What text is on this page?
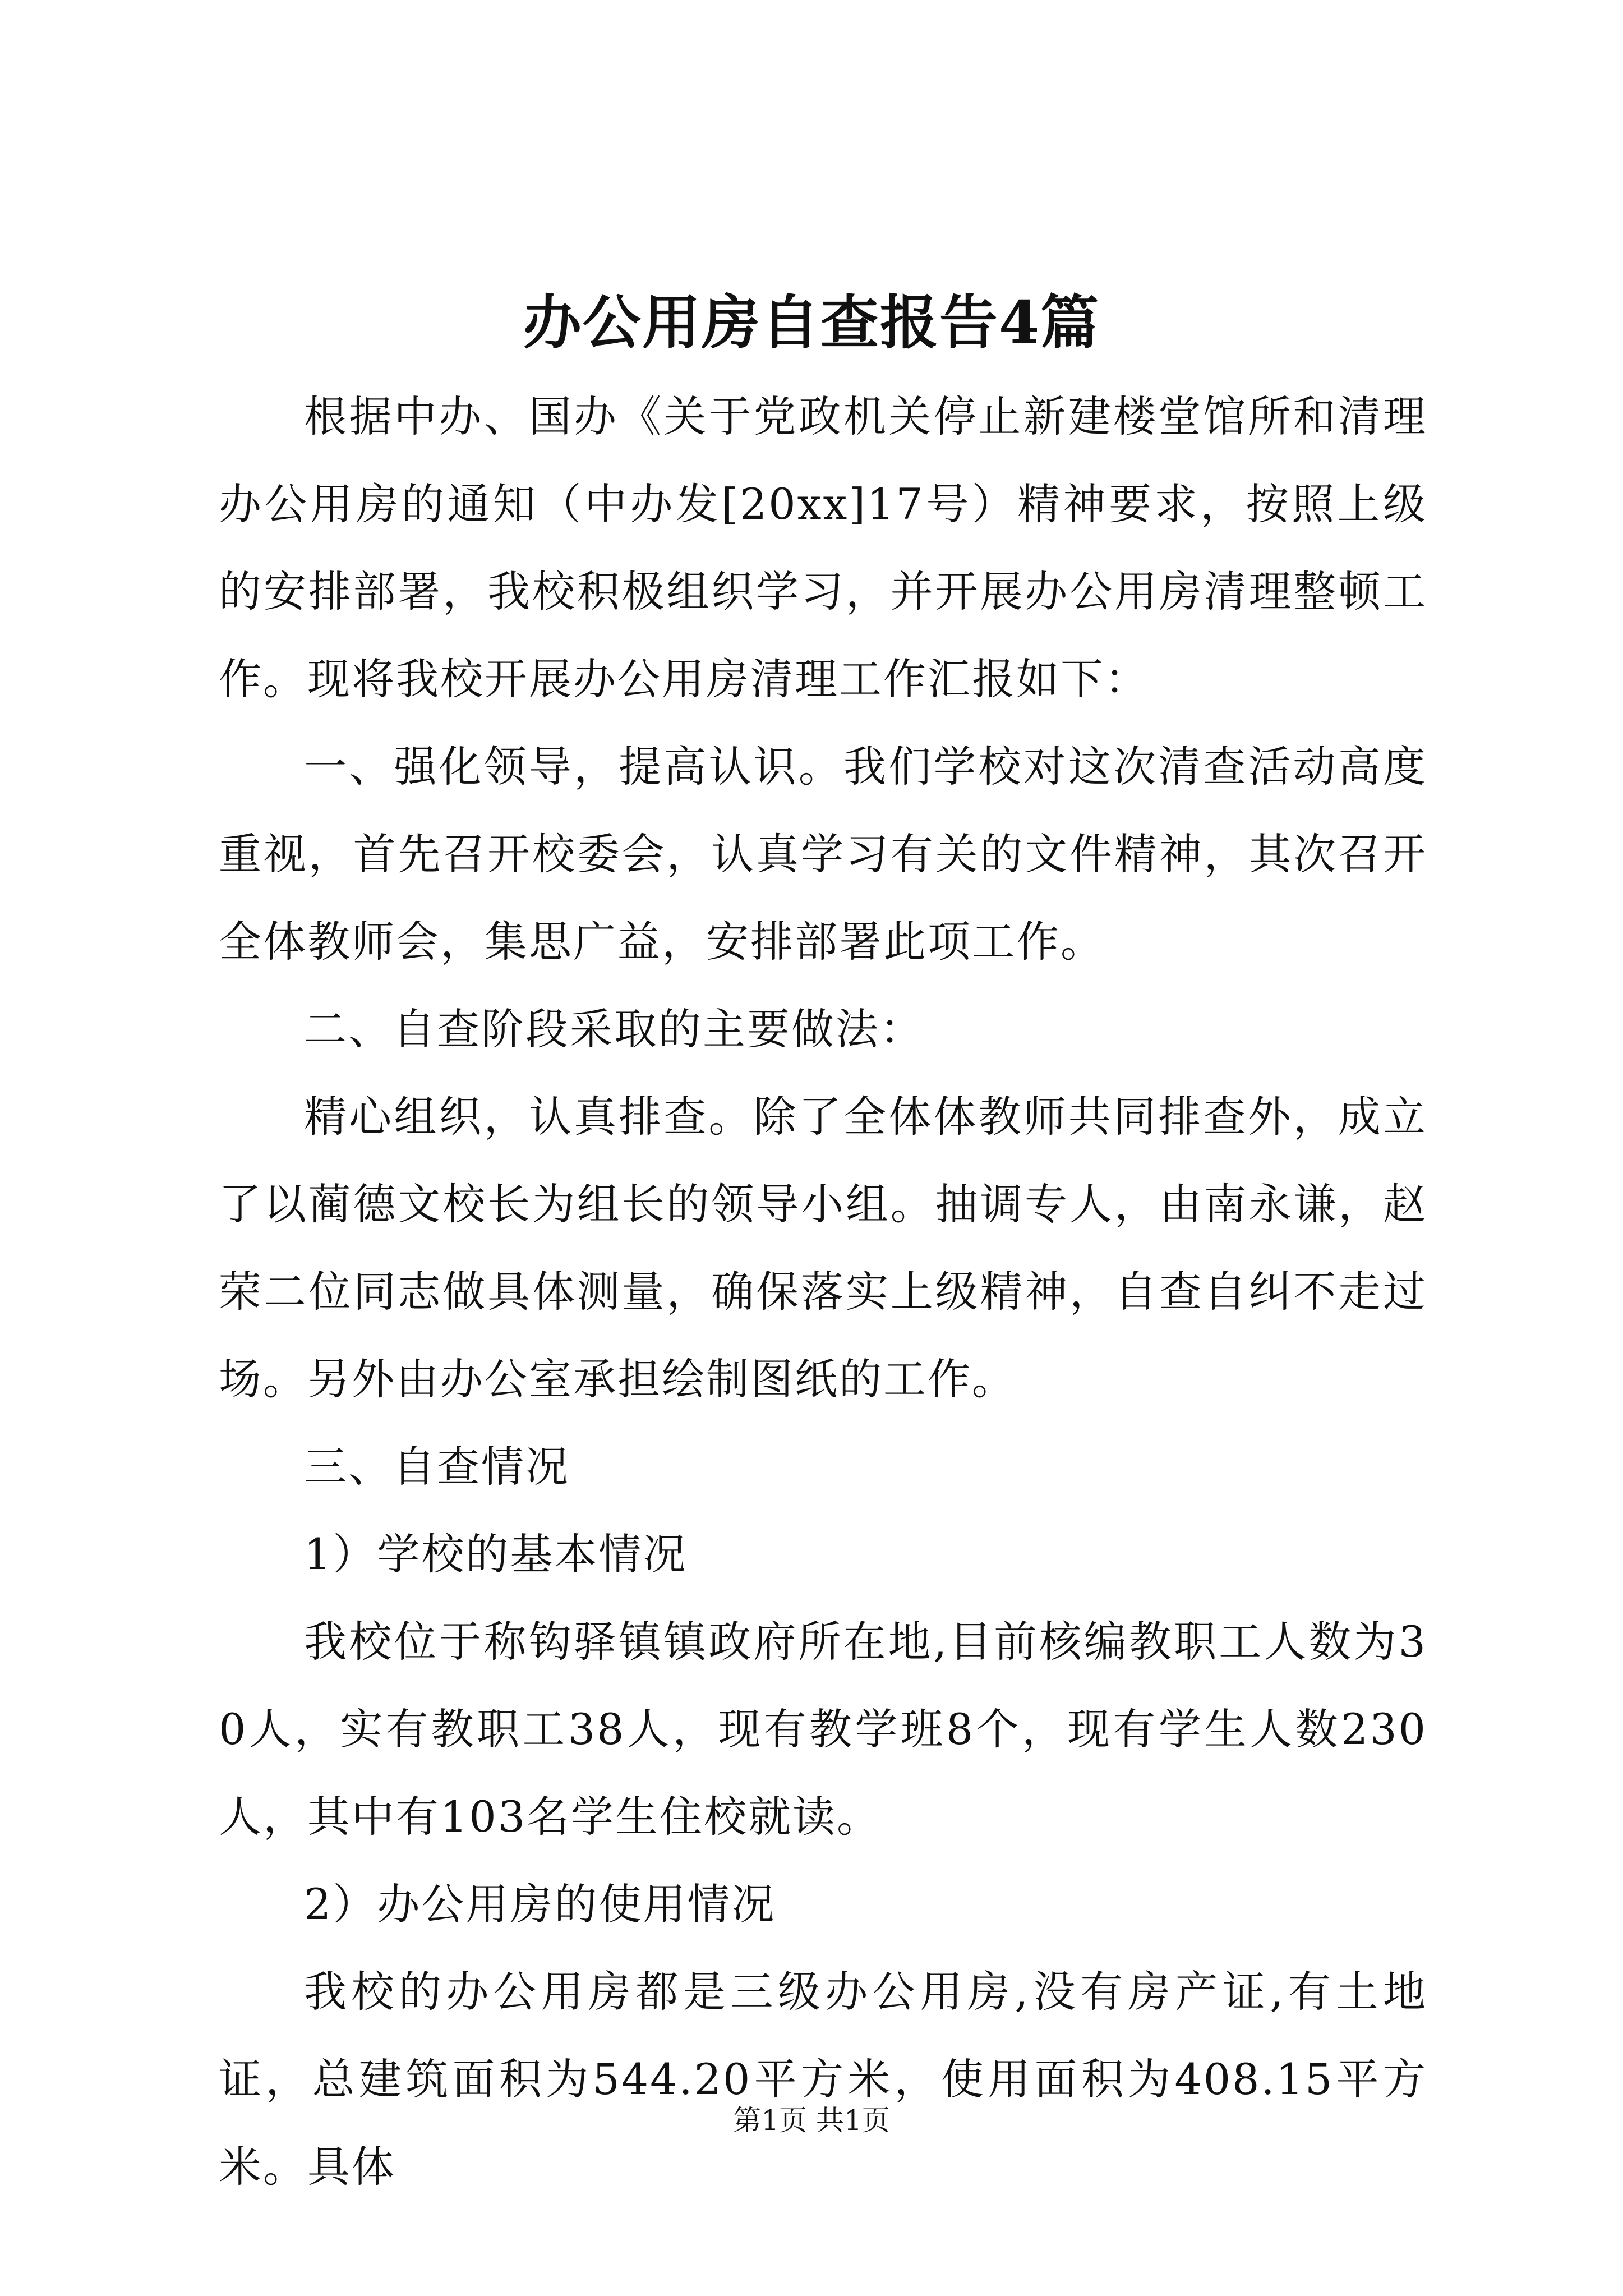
办公用房自查报告4篇

根据中办、国办《关于党政机关停止新建楼堂馆所和清理办公用房的通知（中办发[20xx]17号）精神要求，按照上级的安排部署，我校积极组织学习，并开展办公用房清理整顿工作。现将我校开展办公用房清理工作汇报如下：

一、强化领导，提高认识。我们学校对这次清查活动高度重视，首先召开校委会，认真学习有关的文件精神，其次召开全体教师会，集思广益，安排部署此项工作。

二、自查阶段采取的主要做法：

精心组织，认真排查。除了全体体教师共同排查外，成立了以蔺德文校长为组长的领导小组。抽调专人，由南永谦，赵荣二位同志做具体测量，确保落实上级精神，自查自纠不走过场。另外由办公室承担绘制图纸的工作。

三、自查情况

1）学校的基本情况

我校位于称钩驿镇镇政府所在地,目前核编教职工人数为30人，实有教职工38人，现有教学班8个，现有学生人数230人，其中有103名学生住校就读。

2）办公用房的使用情况

我校的办公用房都是三级办公用房,没有房产证,有土地证，总建筑面积为544.20平方米，使用面积为408.15平方米。具体

第1页 共1页
